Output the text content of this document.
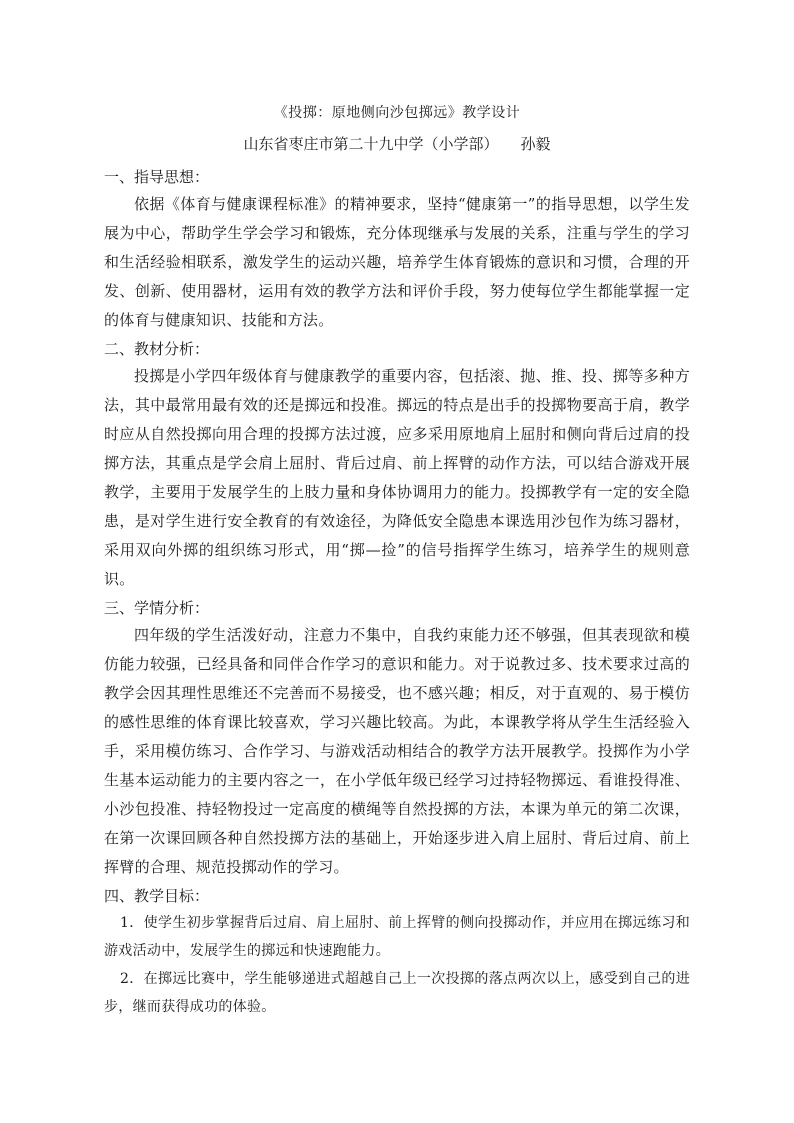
《投掷：原地侧向沙包掷远》教学设计
山东省枣庄市第二十九中学（小学部） 孙毅

一、指导思想：

依据《体育与健康课程标准》的精神要求，坚持“健康第一”的指导思想，以学生发展为中心，帮助学生学会学习和锻炼，充分体现继承与发展的关系，注重与学生的学习和生活经验相联系，激发学生的运动兴趣，培养学生体育锻炼的意识和习惯，合理的开发、创新、使用器材，运用有效的教学方法和评价手段，努力使每位学生都能掌握一定的体育与健康知识、技能和方法。

二、教材分析：

投掷是小学四年级体育与健康教学的重要内容，包括滚、抛、推、投、掷等多种方法，其中最常用最有效的还是掷远和投准。掷远的特点是出手的投掷物要高于肩，教学时应从自然投掷向用合理的投掷方法过渡，应多采用原地肩上屈肘和侧向背后过肩的投掷方法，其重点是学会肩上屈肘、背后过肩、前上挥臂的动作方法，可以结合游戏开展教学，主要用于发展学生的上肢力量和身体协调用力的能力。投掷教学有一定的安全隐患，是对学生进行安全教育的有效途径，为降低安全隐患本课选用沙包作为练习器材，采用双向外掷的组织练习形式，用“掷—捡”的信号指挥学生练习，培养学生的规则意识。

三、学情分析：

四年级的学生活泼好动，注意力不集中，自我约束能力还不够强，但其表现欲和模仿能力较强，已经具备和同伴合作学习的意识和能力。对于说教过多、技术要求过高的教学会因其理性思维还不完善而不易接受，也不感兴趣；相反，对于直观的、易于模仿的感性思维的体育课比较喜欢，学习兴趣比较高。为此，本课教学将从学生生活经验入手，采用模仿练习、合作学习、与游戏活动相结合的教学方法开展教学。投掷作为小学生基本运动能力的主要内容之一，在小学低年级已经学习过持轻物掷远、看谁投得准、小沙包投准、持轻物投过一定高度的横绳等自然投掷的方法，本课为单元的第二次课，在第一次课回顾各种自然投掷方法的基础上，开始逐步进入肩上屈肘、背后过肩、前上挥臂的合理、规范投掷动作的学习。

四、教学目标：

1．使学生初步掌握背后过肩、肩上屈肘、前上挥臂的侧向投掷动作，并应用在掷远练习和游戏活动中，发展学生的掷远和快速跑能力。

2．在掷远比赛中，学生能够递进式超越自己上一次投掷的落点两次以上，感受到自己的进步，继而获得成功的体验。
